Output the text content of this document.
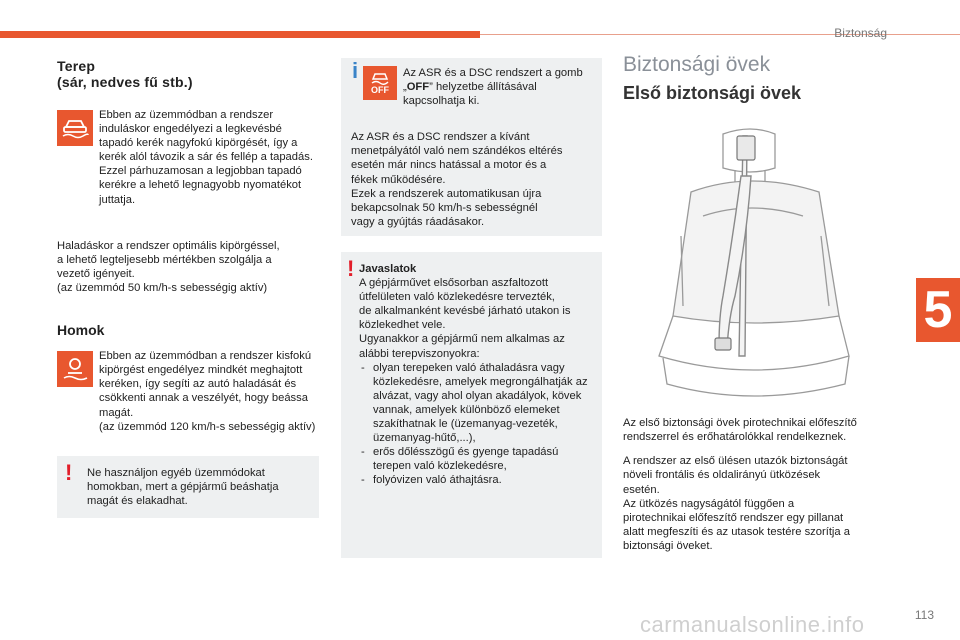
Biztonság
5
113
carmanualsonline.info
Terep
(sár, nedves fű stb.)

Ebben az üzemmódban a rendszer induláskor engedélyezi a legkevésbé tapadó kerék nagyfokú kipörgését, így a kerék alól távozik a sár és fellép a tapadás. Ezzel párhuzamosan a legjobban tapadó kerékre a lehető legnagyobb nyomatékot juttatja.

Haladáskor a rendszer optimális kipörgéssel,
a lehető legteljesebb mértékben szolgálja a
vezető igényeit.
(az üzemmód 50 km/h-s sebességig aktív)
Homok

Ebben az üzemmódban a rendszer kisfokú kipörgést engedélyez mindkét meghajtott keréken, így segíti az autó haladását és csökkenti annak a veszélyét, hogy beássa magát.

(az üzemmód 120 km/h-s sebességig aktív)

! Ne használjon egyéb üzemmódokat homokban, mert a gépjármű beáshatja magát és elakadhat.

i
OFF

Az ASR és a DSC rendszert a gomb „OFF” helyzetbe állításával kapcsolhatja ki.

Az ASR és a DSC rendszer a kívánt
menetpályától való nem szándékos eltérés
esetén már nincs hatással a motor és a
fékek működésére.
Ezek a rendszerek automatikusan újra
bekapcsolnak 50 km/h-s sebességnél
vagy a gyújtás ráadásakor.
! Javaslatok
A gépjárművet elsősorban aszfaltozott
útfelületen való közlekedésre tervezték,
de alkalmanként kevésbé járható utakon is
közlekedhet vele.
Ugyanakkor a gépjármű nem alkalmas az
alábbi terepviszonyokra:
- olyan terepeken való áthaladásra vagy közlekedésre, amelyek megrongálhatják az alvázat, vagy ahol olyan akadályok, kövek vannak, amelyek különböző elemeket szakíthatnak le (üzemanyag-vezeték, üzemanyag-hűtő,...),
- erős dőlésszögű és gyenge tapadású terepen való közlekedésre,
- folyóvizen való áthajtásra.
Biztonsági övek
Első biztonsági övek

Az első biztonsági övek pirotechnikai előfeszítő rendszerrel és erőhatárolókkal rendelkeznek.

A rendszer az első ülésen utazók biztonságát
növeli frontális és oldalirányú ütközések
esetén.
Az ütközés nagyságától függően a
pirotechnikai előfeszítő rendszer egy pillanat
alatt megfeszíti és az utasok testére szorítja a
biztonsági öveket.
